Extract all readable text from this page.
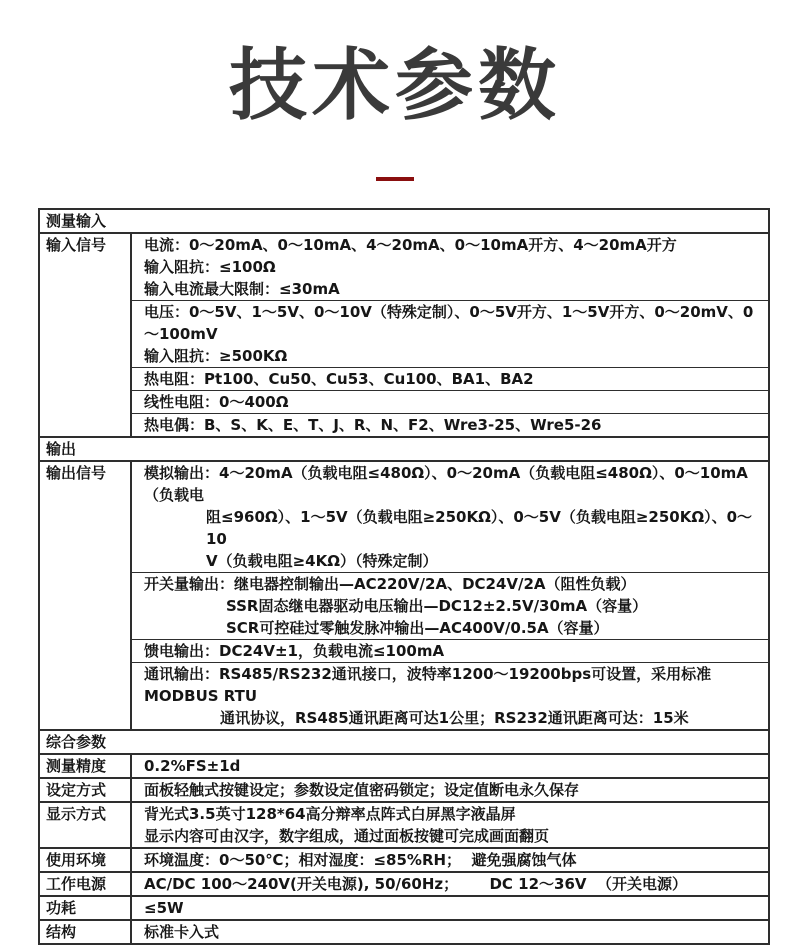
技术参数
测量输入
输入信号	电流：0～20mA、0～10mA、4～20mA、0～10mA开方、4～20mA开方
输入阻抗：≤100Ω
输入电流最大限制：≤30mA
电压：0～5V、1～5V、0～10V（特殊定制）、0～5V开方、1～5V开方、0～20mV、0～100mV
输入阻抗：≥500KΩ
热电阻：Pt100、Cu50、Cu53、Cu100、BA1、BA2
线性电阻：0～400Ω
热电偶：B、S、K、E、T、J、R、N、F2、Wre3-25、Wre5-26
输出
输出信号	模拟输出：4～20mA（负载电阻≤480Ω）、0～20mA（负载电阻≤480Ω）、0～10mA（负载电
阻≤960Ω）、1～5V（负载电阻≥250KΩ）、0～5V（负载电阻≥250KΩ）、0～10
V（负载电阻≥4KΩ）（特殊定制）
开关量输出：继电器控制输出—AC220V/2A、DC24V/2A（阻性负载）
SSR固态继电器驱动电压输出—DC12±2.5V/30mA（容量）
SCR可控硅过零触发脉冲输出—AC400V/0.5A（容量）
馈电输出：DC24V±1，负载电流≤100mA
通讯输出：RS485/RS232通讯接口，波特率1200～19200bps可设置，采用标准MODBUS RTU
通讯协议，RS485通讯距离可达1公里；RS232通讯距离可达：15米
综合参数
测量精度	0.2%FS±1d
设定方式	面板轻触式按键设定；参数设定值密码锁定；设定值断电永久保存
显示方式	背光式3.5英寸128*64高分辩率点阵式白屏黑字液晶屏
显示内容可由汉字，数字组成，通过面板按键可完成画面翻页
使用环境	环境温度：0～50℃；相对湿度：≤85%RH；  避免强腐蚀气体
工作电源	AC/DC 100～240V(开关电源), 50/60Hz；      DC 12～36V  （开关电源）
功耗	≤5W
结构	标准卡入式
